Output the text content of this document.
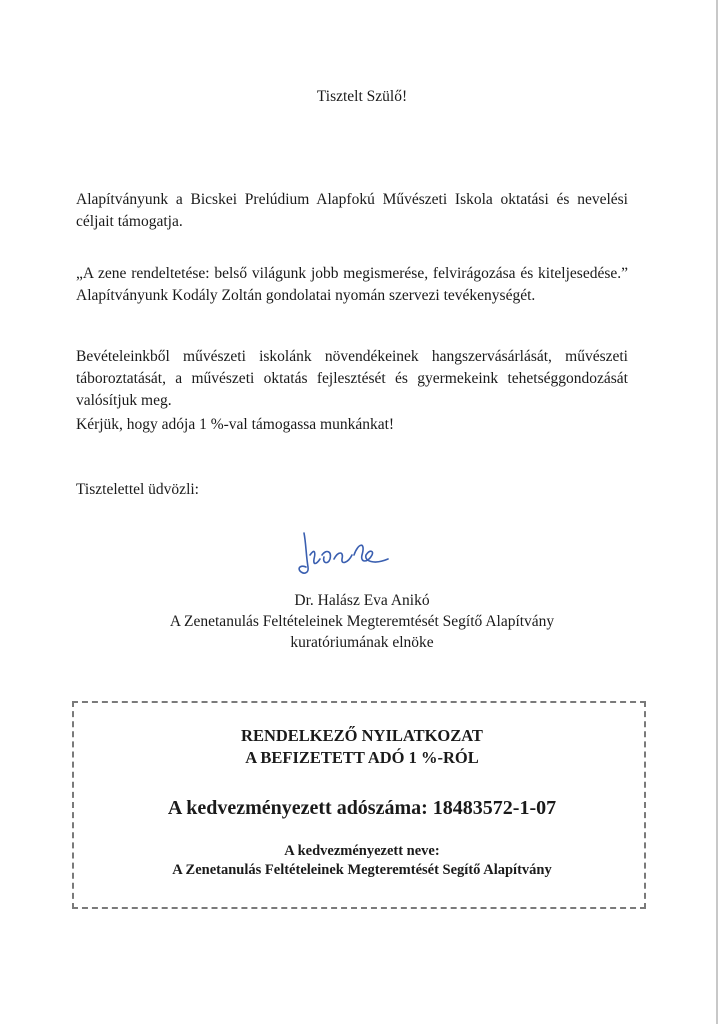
Tisztelt Szülő!
Alapítványunk a Bicskei Prelúdium Alapfokú Művészeti Iskola oktatási és nevelési céljait támogatja.
„A zene rendeltetése: belső világunk jobb megismerése, felvirágozása és kiteljesedése.” Alapítványunk Kodály Zoltán gondolatai nyomán szervezi tevékenységét.
Bevételeinkből művészeti iskolánk növendékeinek hangszervásárlását, művészeti táboroztatását, a művészeti oktatás fejlesztését és gyermekeink tehetséggondozását valósítjuk meg.
Kérjük, hogy adója 1 %-val támogassa munkánkat!
Tisztelettel üdvözli:
Dr. Halász Eva Anikó
A Zenetanulás Feltételeinek Megteremtését Segítő Alapítvány
kuratóriumának elnöke
RENDELKEZŐ NYILATKOZAT
A BEFIZETETT ADÓ 1 %-RÓL
A kedvezményezett adószáma: 18483572-1-07
A kedvezményezett neve:
A Zenetanulás Feltételeinek Megteremtését Segítő Alapítvány
